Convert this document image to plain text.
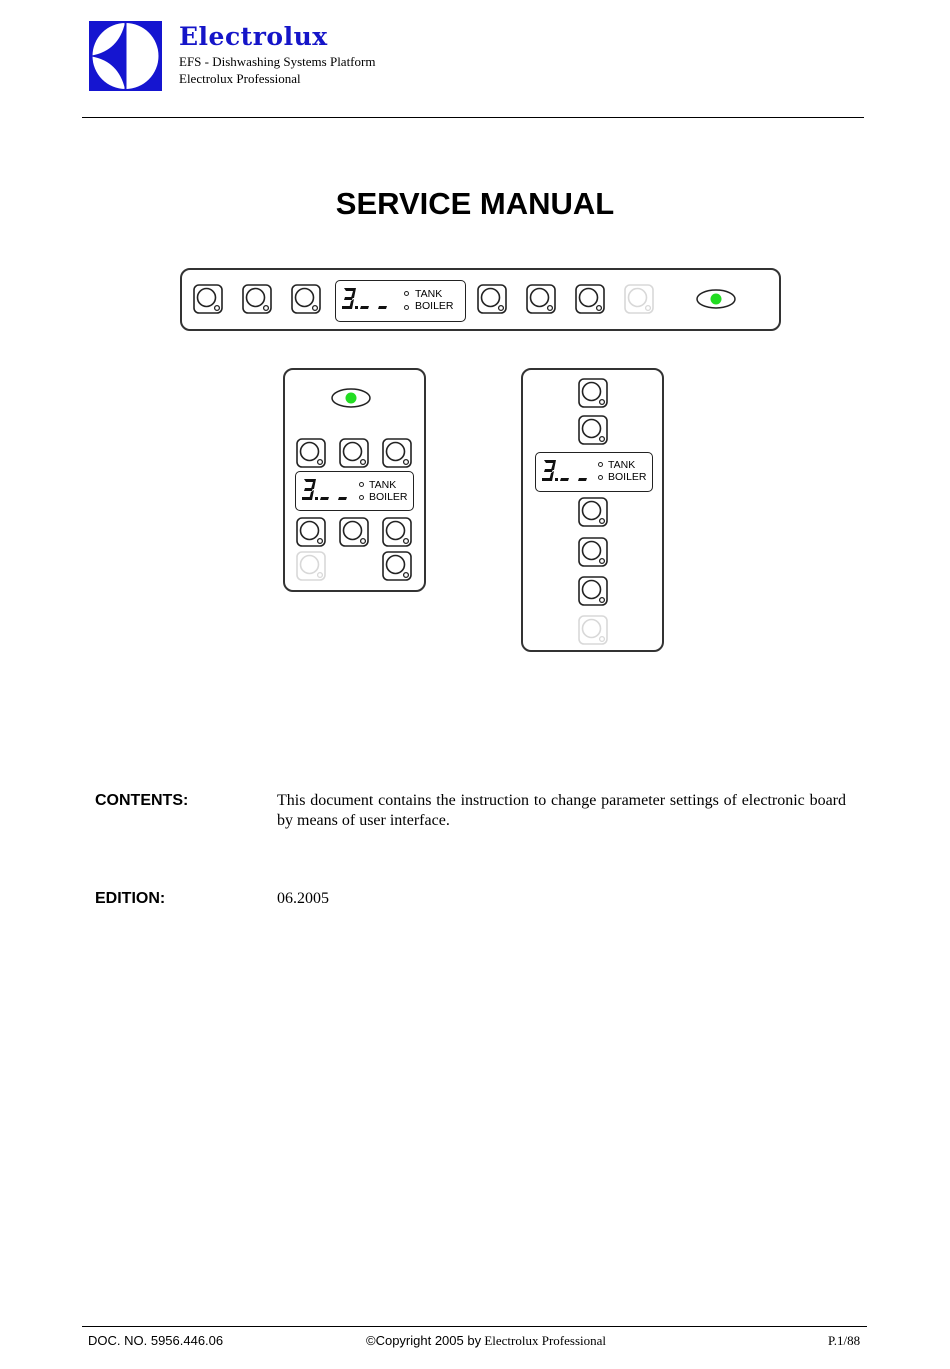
Electrolux
EFS - Dishwashing Systems Platform
Electrolux Professional
SERVICE MANUAL
TANK
BOILER
TANK
BOILER
TANK
BOILER
CONTENTS:	This document contains the instruction to change parameter settings of electronic board by means of user interface.
EDITION:	06.2005
DOC. NO. 5956.446.06	©Copyright 2005 by Electrolux Professional	P.1/88
